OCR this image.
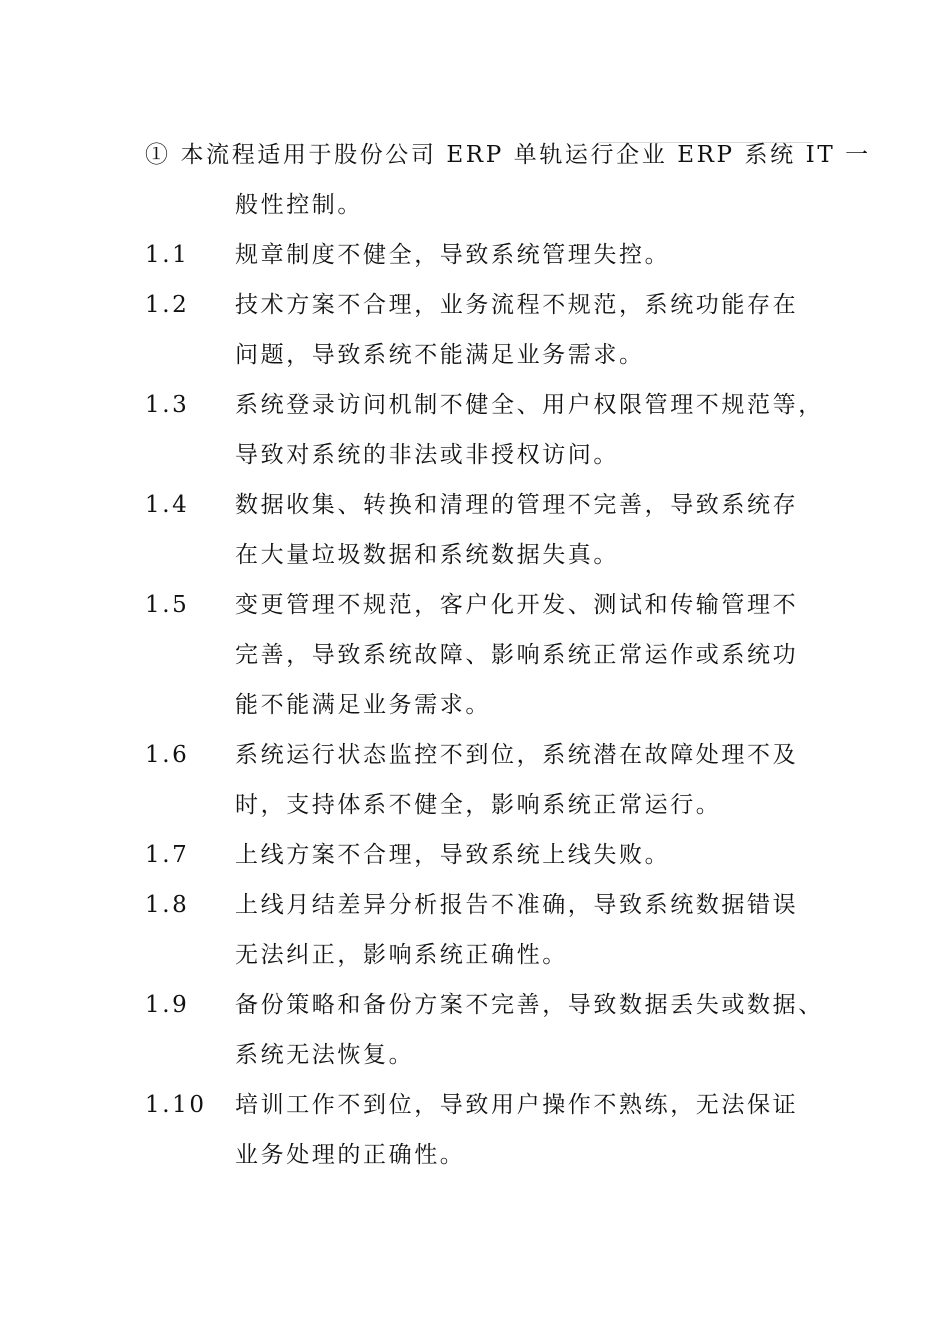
① 本流程适用于股份公司 ERP 单轨运行企业 ERP 系统 IT 一
般性控制。
1.1	规章制度不健全，导致系统管理失控。
1.2	技术方案不合理，业务流程不规范，系统功能存在
问题，导致系统不能满足业务需求。
1.3	系统登录访问机制不健全、用户权限管理不规范等，
导致对系统的非法或非授权访问。
1.4	数据收集、转换和清理的管理不完善，导致系统存
在大量垃圾数据和系统数据失真。
1.5	变更管理不规范，客户化开发、测试和传输管理不
完善，导致系统故障、影响系统正常运作或系统功
能不能满足业务需求。
1.6	系统运行状态监控不到位，系统潜在故障处理不及
时，支持体系不健全，影响系统正常运行。
1.7	上线方案不合理，导致系统上线失败。
1.8	上线月结差异分析报告不准确，导致系统数据错误
无法纠正，影响系统正确性。
1.9	备份策略和备份方案不完善，导致数据丢失或数据、
系统无法恢复。
1.10	培训工作不到位，导致用户操作不熟练，无法保证
业务处理的正确性。
